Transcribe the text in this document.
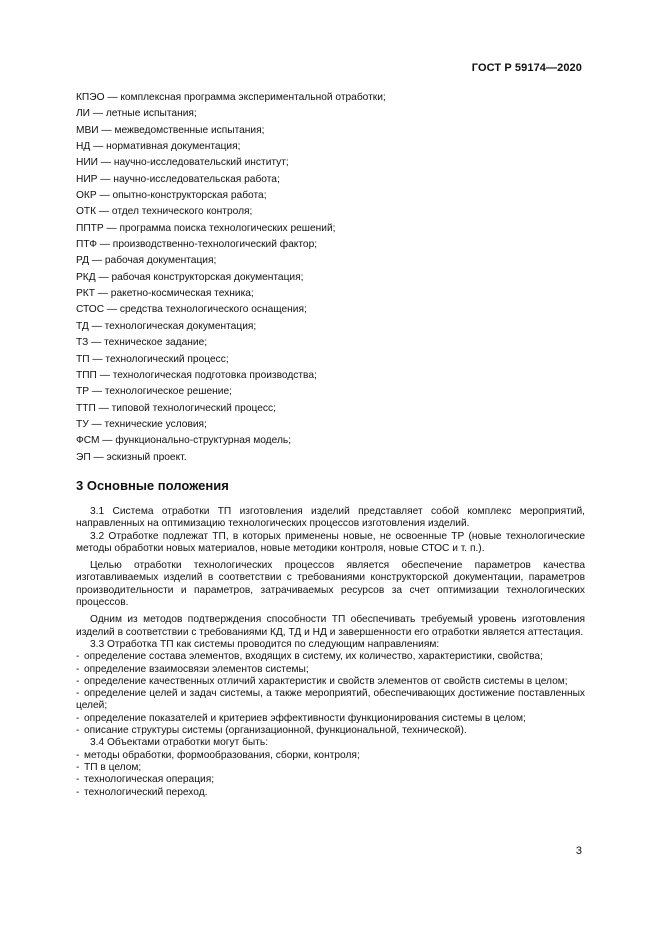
ГОСТ Р 59174—2020
КПЭО — комплексная программа экспериментальной отработки;
ЛИ — летные испытания;
МВИ — межведомственные испытания;
НД — нормативная документация;
НИИ — научно-исследовательский институт;
НИР — научно-исследовательская работа;
ОКР — опытно-конструкторская работа;
ОТК — отдел технического контроля;
ППТР — программа поиска технологических решений;
ПТФ — производственно-технологический фактор;
РД — рабочая документация;
РКД — рабочая конструкторская документация;
РКТ — ракетно-космическая техника;
СТОС — средства технологического оснащения;
ТД — технологическая документация;
ТЗ — техническое задание;
ТП — технологический процесс;
ТПП — технологическая подготовка производства;
ТР — технологическое решение;
ТТП — типовой технологический процесс;
ТУ — технические условия;
ФСМ — функционально-структурная модель;
ЭП — эскизный проект.
3 Основные положения

3.1 Система отработки ТП изготовления изделий представляет собой комплекс мероприятий, направленных на оптимизацию технологических процессов изготовления изделий.

3.2 Отработке подлежат ТП, в которых применены новые, не освоенные ТР (новые технологические методы обработки новых материалов, новые методики контроля, новые СТОС и т. п.).

Целью отработки технологических процессов является обеспечение параметров качества изготавливаемых изделий в соответствии с требованиями конструкторской документации, параметров производительности и параметров, затрачиваемых ресурсов за счет оптимизации технологических процессов.

Одним из методов подтверждения способности ТП обеспечивать требуемый уровень изготовления изделий в соответствии с требованиями КД, ТД и НД и завершенности его отработки является аттестация.

3.3 Отработка ТП как системы проводится по следующим направлениям:

- определение состава элементов, входящих в систему, их количество, характеристики, свойства;

- определение взаимосвязи элементов системы;

- определение качественных отличий характеристик и свойств элементов от свойств системы в целом;

- определение целей и задач системы, а также мероприятий, обеспечивающих достижение поставленных целей;

- определение показателей и критериев эффективности функционирования системы в целом;

- описание структуры системы (организационной, функциональной, технической).

3.4 Объектами отработки могут быть:

- методы обработки, формообразования, сборки, контроля;

- ТП в целом;

- технологическая операция;

- технологический переход.

3
